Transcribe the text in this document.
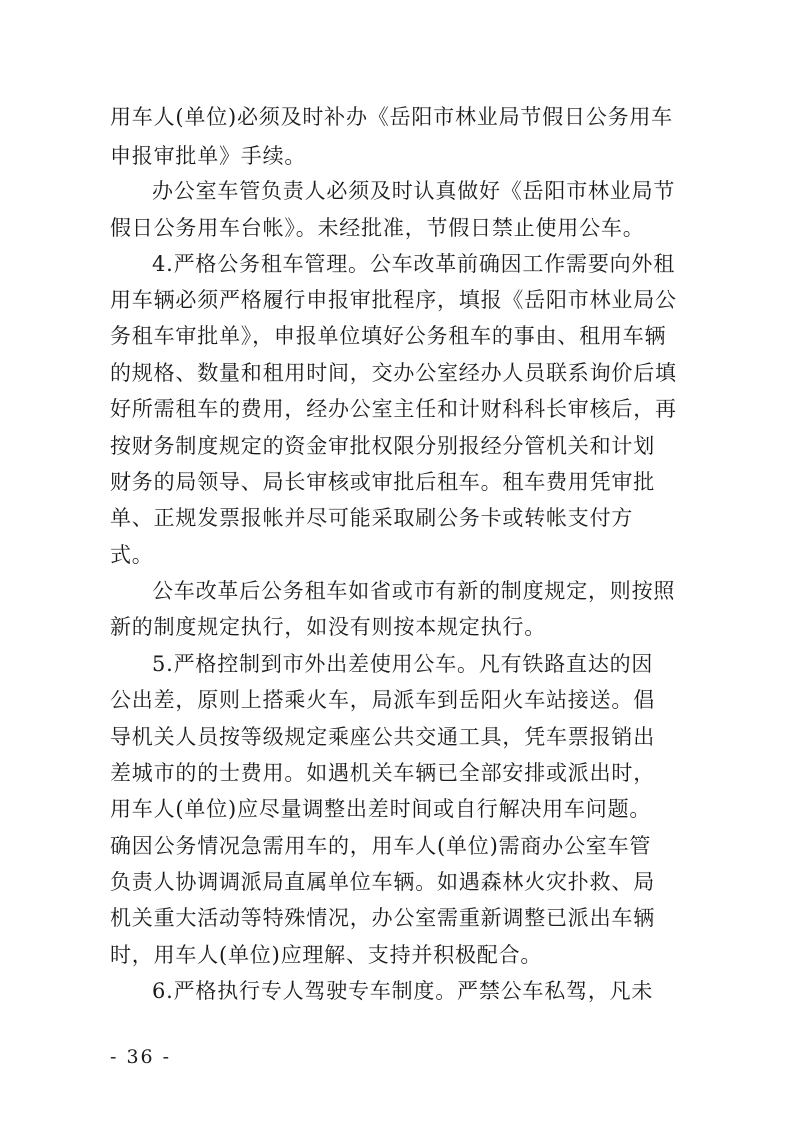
用车人(单位)必须及时补办《岳阳市林业局节假日公务用车
申报审批单》手续。
办公室车管负责人必须及时认真做好《岳阳市林业局节
假日公务用车台帐》。未经批准，节假日禁止使用公车。
4.严格公务租车管理。公车改革前确因工作需要向外租
用车辆必须严格履行申报审批程序，填报《岳阳市林业局公
务租车审批单》，申报单位填好公务租车的事由、租用车辆
的规格、数量和租用时间，交办公室经办人员联系询价后填
好所需租车的费用，经办公室主任和计财科科长审核后，再
按财务制度规定的资金审批权限分别报经分管机关和计划
财务的局领导、局长审核或审批后租车。租车费用凭审批
单、正规发票报帐并尽可能采取刷公务卡或转帐支付方
式。
公车改革后公务租车如省或市有新的制度规定，则按照
新的制度规定执行，如没有则按本规定执行。
5.严格控制到市外出差使用公车。凡有铁路直达的因
公出差，原则上搭乘火车，局派车到岳阳火车站接送。倡
导机关人员按等级规定乘座公共交通工具，凭车票报销出
差城市的的士费用。如遇机关车辆已全部安排或派出时，
用车人(单位)应尽量调整出差时间或自行解决用车问题。
确因公务情况急需用车的，用车人(单位)需商办公室车管
负责人协调调派局直属单位车辆。如遇森林火灾扑救、局
机关重大活动等特殊情况，办公室需重新调整已派出车辆
时，用车人(单位)应理解、支持并积极配合。
6.严格执行专人驾驶专车制度。严禁公车私驾，凡未
- 36 -
